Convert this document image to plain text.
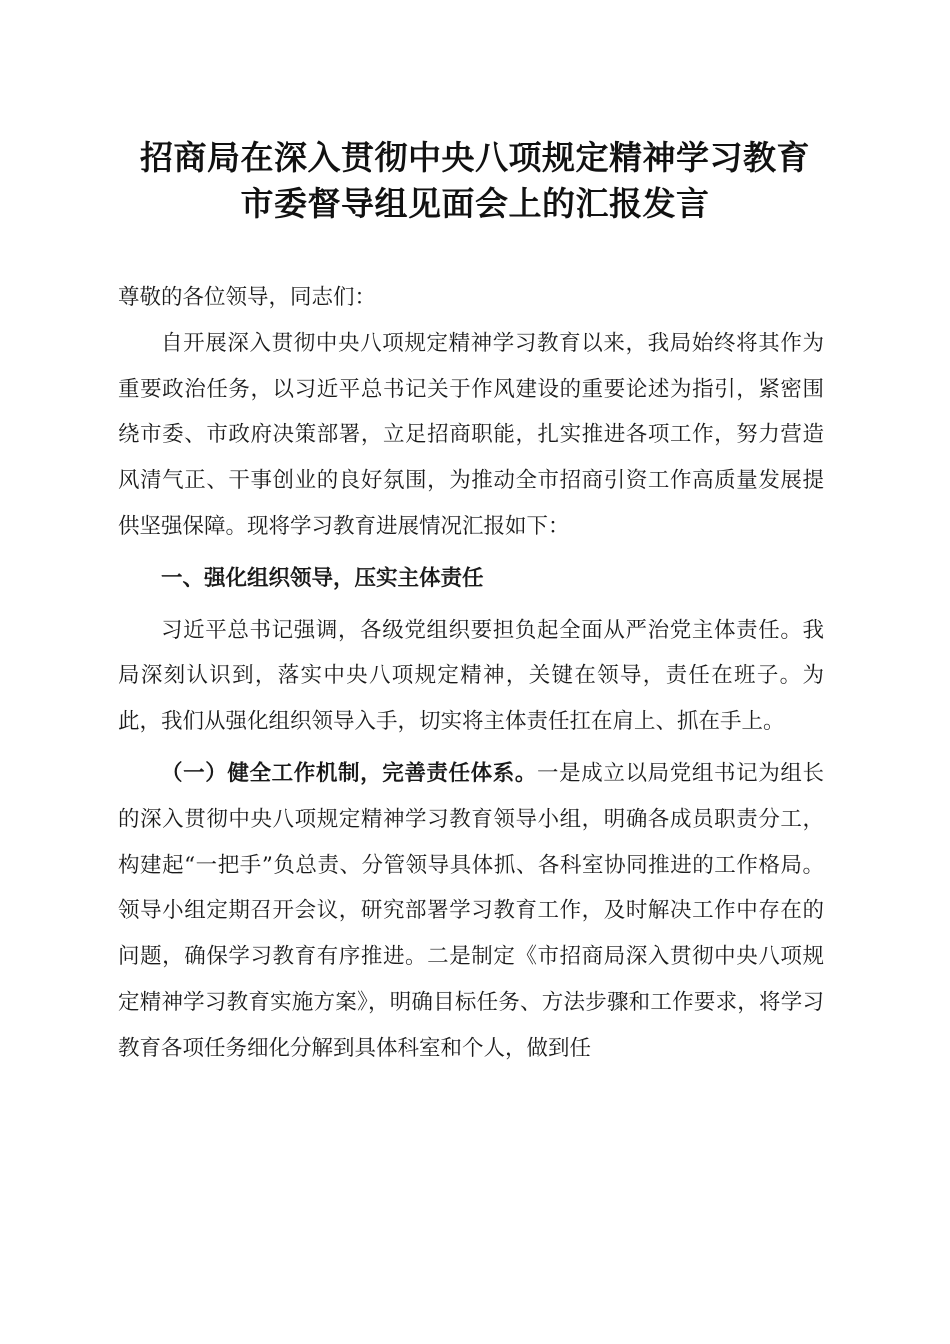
招商局在深入贯彻中央八项规定精神学习教育
市委督导组见面会上的汇报发言

尊敬的各位领导，同志们：

自开展深入贯彻中央八项规定精神学习教育以来，我局始终将其作为重要政治任务，以习近平总书记关于作风建设的重要论述为指引，紧密围绕市委、市政府决策部署，立足招商职能，扎实推进各项工作，努力营造风清气正、干事创业的良好氛围，为推动全市招商引资工作高质量发展提供坚强保障。现将学习教育进展情况汇报如下：

一、强化组织领导，压实主体责任

习近平总书记强调，各级党组织要担负起全面从严治党主体责任。我局深刻认识到，落实中央八项规定精神，关键在领导，责任在班子。为此，我们从强化组织领导入手，切实将主体责任扛在肩上、抓在手上。

（一）健全工作机制，完善责任体系。一是成立以局党组书记为组长的深入贯彻中央八项规定精神学习教育领导小组，明确各成员职责分工，构建起“一把手”负总责、分管领导具体抓、各科室协同推进的工作格局。领导小组定期召开会议，研究部署学习教育工作，及时解决工作中存在的问题，确保学习教育有序推进。二是制定《市招商局深入贯彻中央八项规定精神学习教育实施方案》，明确目标任务、方法步骤和工作要求，将学习教育各项任务细化分解到具体科室和个人，做到任
